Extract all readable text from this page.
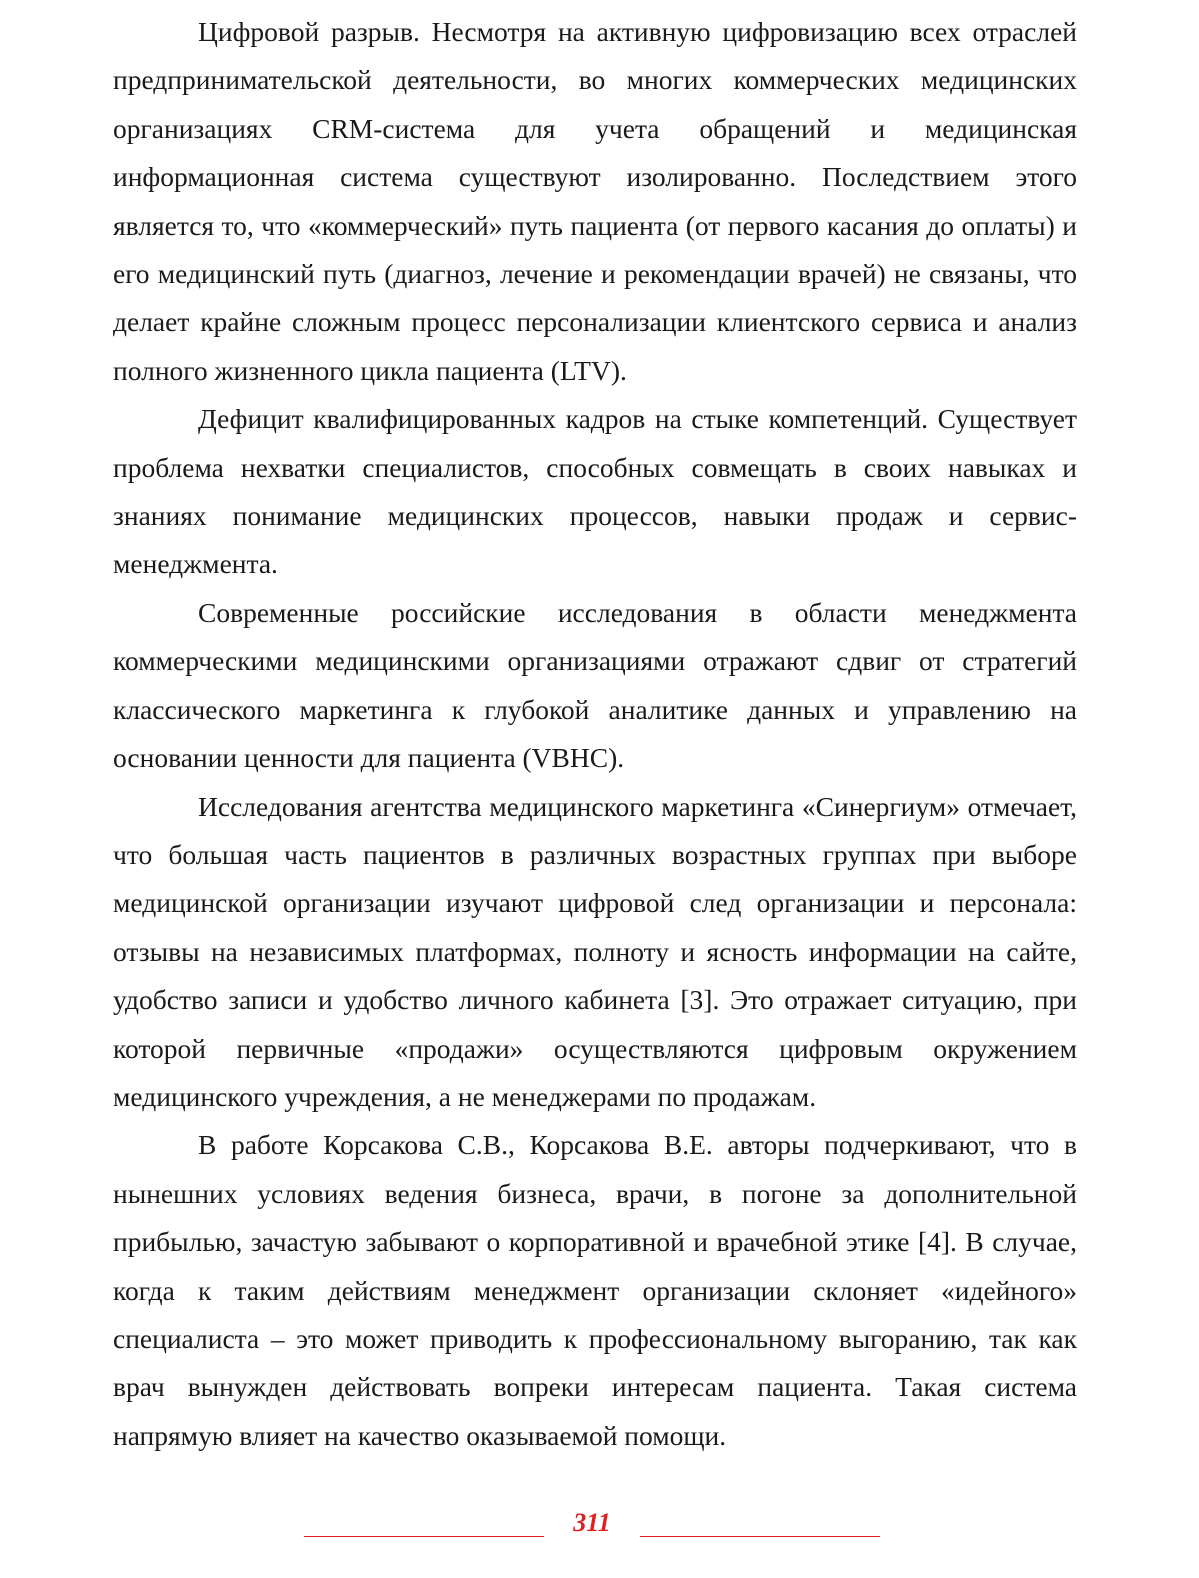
Цифровой разрыв. Несмотря на активную цифровизацию всех отраслей предпринимательской деятельности, во многих коммерческих медицинских организациях CRM-система для учета обращений и медицинская информационная система существуют изолированно. Последствием этого является то, что «коммерческий» путь пациента (от первого касания до оплаты) и его медицинский путь (диагноз, лечение и рекомендации врачей) не связаны, что делает крайне сложным процесс персонализации клиентского сервиса и анализ полного жизненного цикла пациента (LTV).

Дефицит квалифицированных кадров на стыке компетенций. Существует проблема нехватки специалистов, способных совмещать в своих навыках и знаниях понимание медицинских процессов, навыки продаж и сервис-менеджмента.

Современные российские исследования в области менеджмента коммерческими медицинскими организациями отражают сдвиг от стратегий классического маркетинга к глубокой аналитике данных и управлению на основании ценности для пациента (VBHC).

Исследования агентства медицинского маркетинга «Синергиум» отмечает, что большая часть пациентов в различных возрастных группах при выборе медицинской организации изучают цифровой след организации и персонала: отзывы на независимых платформах, полноту и ясность информации на сайте, удобство записи и удобство личного кабинета [3]. Это отражает ситуацию, при которой первичные «продажи» осуществляются цифровым окружением медицинского учреждения, а не менеджерами по продажам.

В работе Корсакова С.В., Корсакова В.Е. авторы подчеркивают, что в нынешних условиях ведения бизнеса, врачи, в погоне за дополнительной прибылью, зачастую забывают о корпоративной и врачебной этике [4]. В случае, когда к таким действиям менеджмент организации склоняет «идейного» специалиста – это может приводить к профессиональному выгоранию, так как врач вынужден действовать вопреки интересам пациента. Такая система напрямую влияет на качество оказываемой помощи.

311
